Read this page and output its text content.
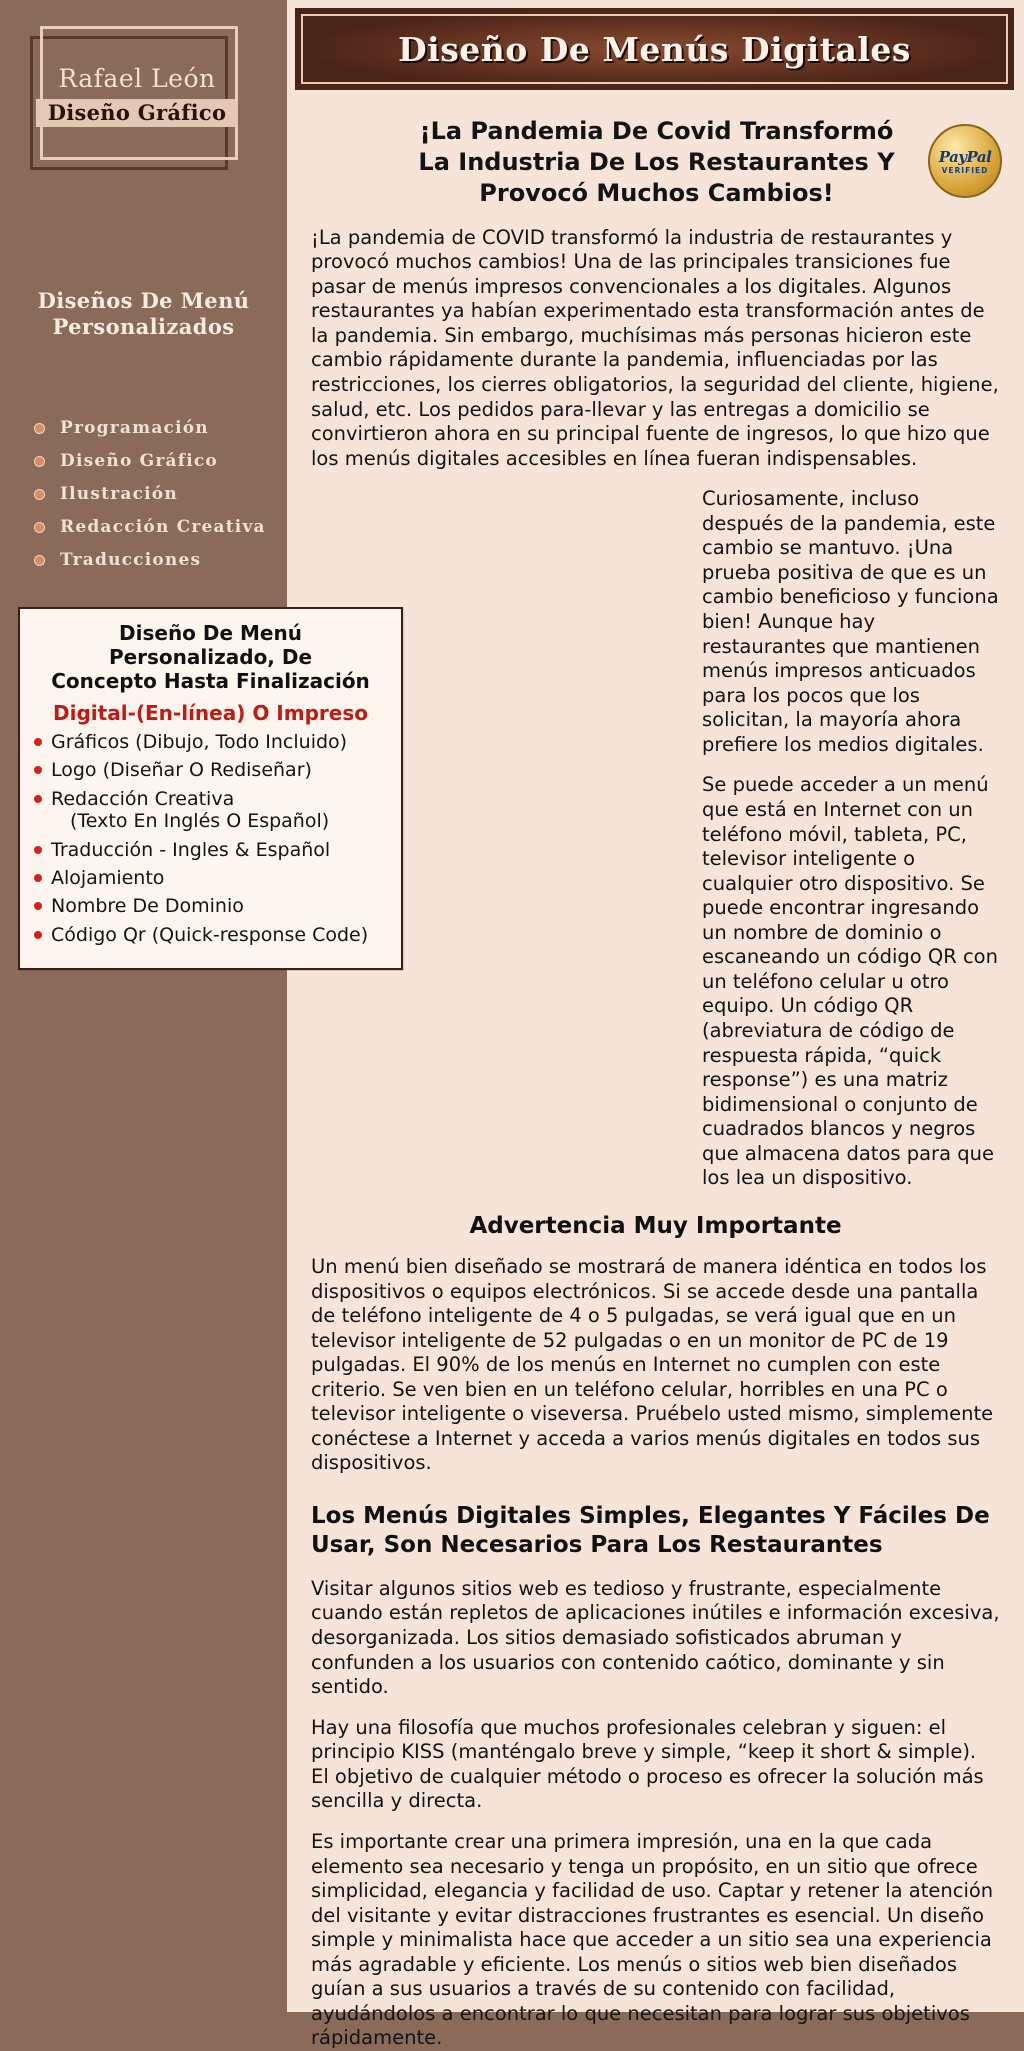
Rafael León
Diseño Gráfico
Diseños De Menú
Personalizados
Programación
Diseño Gráfico
Ilustración
Redacción Creativa
Traducciones
Diseño De Menús Digitales
PayPal
VERIFIED
¡La Pandemia De Covid Transformó La Industria De Los Restaurantes Y Provocó Muchos Cambios!

¡La pandemia de COVID transformó la industria de restaurantes y provocó muchos cambios! Una de las principales transiciones fue pasar de menús impresos convencionales a los digitales. Algunos restaurantes ya habían experimentado esta transformación antes de la pandemia. Sin embargo, muchísimas más personas hicieron este cambio rápidamente durante la pandemia, influenciadas por las restricciones, los cierres obligatorios, la seguridad del cliente, higiene, salud, etc. Los pedidos para-llevar y las entregas a domicilio se convirtieron ahora en su principal fuente de ingresos, lo que hizo que los menús digitales accesibles en línea fueran indispensables.

Curiosamente, incluso después de la pandemia, este cambio se mantuvo. ¡Una prueba positiva de que es un cambio beneficioso y funciona bien! Aunque hay restaurantes que mantienen menús impresos anticuados para los pocos que los solicitan, la mayoría ahora prefiere los medios digitales.

Se puede acceder a un menú que está en Internet con un teléfono móvil, tableta, PC, televisor inteligente o cualquier otro dispositivo. Se puede encontrar ingresando un nombre de dominio o escaneando un código QR con un teléfono celular u otro equipo. Un código QR (abreviatura de código de respuesta rápida, “quick response”) es una matriz bidimensional o conjunto de cuadrados blancos y negros que almacena datos para que los lea un dispositivo.

Advertencia Muy Importante

Un menú bien diseñado se mostrará de manera idéntica en todos los dispositivos o equipos electrónicos. Si se accede desde una pantalla de teléfono inteligente de 4 o 5 pulgadas, se verá igual que en un televisor inteligente de 52 pulgadas o en un monitor de PC de 19 pulgadas. El 90% de los menús en Internet no cumplen con este criterio. Se ven bien en un teléfono celular, horribles en una PC o televisor inteligente o viseversa. Pruébelo usted mismo, simplemente conéctese a Internet y acceda a varios menús digitales en todos sus dispositivos.

Los Menús Digitales Simples, Elegantes Y Fáciles De Usar, Son Necesarios Para Los Restaurantes

Visitar algunos sitios web es tedioso y frustrante, especialmente cuando están repletos de aplicaciones inútiles e información excesiva, desorganizada. Los sitios demasiado sofisticados abruman y confunden a los usuarios con contenido caótico, dominante y sin sentido.

Hay una filosofía que muchos profesionales celebran y siguen: el principio KISS (manténgalo breve y simple, “keep it short & simple). El objetivo de cualquier método o proceso es ofrecer la solución más sencilla y directa.

Es importante crear una primera impresión, una en la que cada elemento sea necesario y tenga un propósito, en un sitio que ofrece simplicidad, elegancia y facilidad de uso. Captar y retener la atención del visitante y evitar distracciones frustrantes es esencial. Un diseño simple y minimalista hace que acceder a un sitio sea una experiencia más agradable y eficiente. Los menús o sitios web bien diseñados guían a sus usuarios a través de su contenido con facilidad, ayudándolos a encontrar lo que necesitan para lograr sus objetivos rápidamente.

Diseño De Menú Personalizado, De
Concepto Hasta Finalización
Digital-(En-línea) O Impreso
Gráficos (Dibujo, Todo Incluido)
Logo (Diseñar O Rediseñar)
Redacción Creativa
(Texto En Inglés O Español)
Traducción - Ingles & Español
Alojamiento
Nombre De Dominio
Código Qr (Quick-response Code)
